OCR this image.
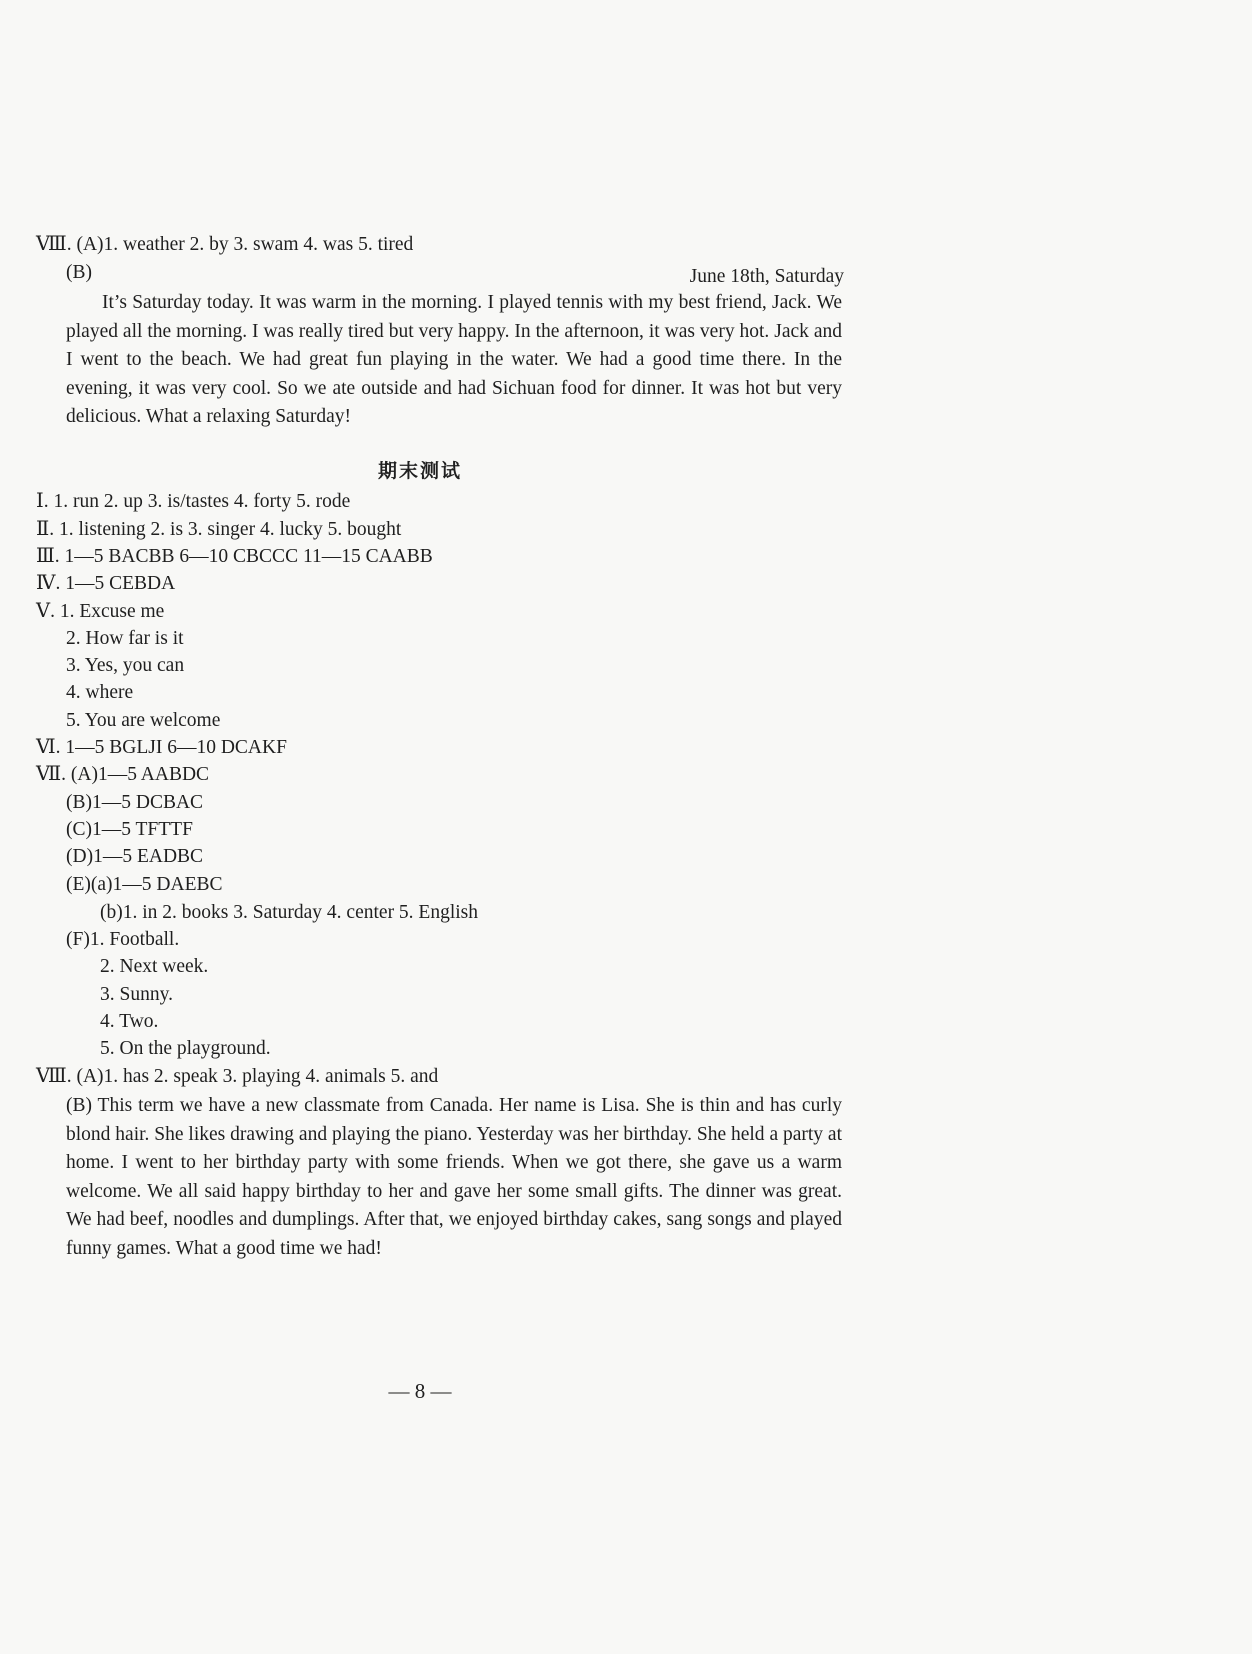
Ⅷ. (A)1. weather 2. by 3. swam 4. was 5. tired
(B)	June 18th, Saturday
It’s Saturday today. It was warm in the morning. I played tennis with my best friend, Jack. We played all the morning. I was really tired but very happy. In the afternoon, it was very hot. Jack and I went to the beach. We had great fun playing in the water. We had a good time there. In the evening, it was very cool. So we ate outside and had Sichuan food for dinner. It was hot but very delicious. What a relaxing Saturday!
期末测试
Ⅰ. 1. run 2. up 3. is/tastes 4. forty 5. rode
Ⅱ. 1. listening 2. is 3. singer 4. lucky 5. bought
Ⅲ. 1—5 BACBB 6—10 CBCCC 11—15 CAABB
Ⅳ. 1—5 CEBDA
Ⅴ. 1. Excuse me
2. How far is it
3. Yes, you can
4. where
5. You are welcome
Ⅵ. 1—5 BGLJI 6—10 DCAKF
Ⅶ. (A)1—5 AABDC
(B)1—5 DCBAC
(C)1—5 TFTTF
(D)1—5 EADBC
(E)(a)1—5 DAEBC
(b)1. in 2. books 3. Saturday 4. center 5. English
(F)1. Football.
2. Next week.
3. Sunny.
4. Two.
5. On the playground.
Ⅷ. (A)1. has 2. speak 3. playing 4. animals 5. and
(B) This term we have a new classmate from Canada. Her name is Lisa. She is thin and has curly blond hair. She likes drawing and playing the piano. Yesterday was her birthday. She held a party at home. I went to her birthday party with some friends. When we got there, she gave us a warm welcome. We all said happy birthday to her and gave her some small gifts. The dinner was great. We had beef, noodles and dumplings. After that, we enjoyed birthday cakes, sang songs and played funny games. What a good time we had!
— 8 —
